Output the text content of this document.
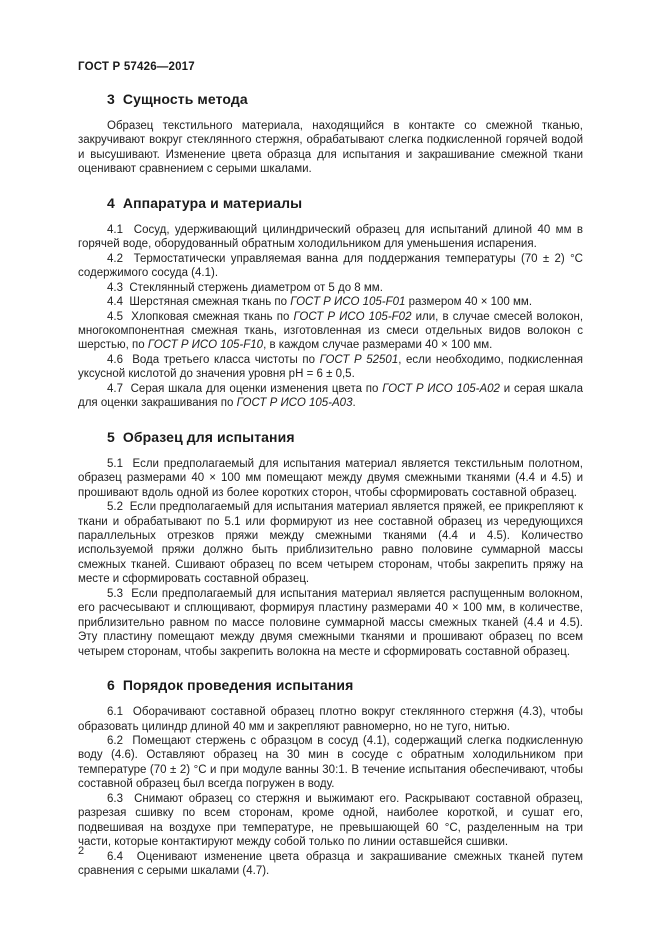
ГОСТ Р 57426—2017
3  Сущность метода

Образец текстильного материала, находящийся в контакте со смежной тканью, закручивают вокруг стеклянного стержня, обрабатывают слегка подкисленной горячей водой и высушивают. Изменение цвета образца для испытания и закрашивание смежной ткани оценивают сравнением с серыми шкалами.

4  Аппаратура и материалы

4.1  Сосуд, удерживающий цилиндрический образец для испытаний длиной 40 мм в горячей воде, оборудованный обратным холодильником для уменьшения испарения.

4.2  Термостатически управляемая ванна для поддержания температуры (70 ± 2) °С содержимого сосуда (4.1).

4.3  Стеклянный стержень диаметром от 5 до 8 мм.

4.4  Шерстяная смежная ткань по ГОСТ Р ИСО 105-F01 размером 40 × 100 мм.

4.5  Хлопковая смежная ткань по ГОСТ Р ИСО 105-F02 или, в случае смесей волокон, многокомпонентная смежная ткань, изготовленная из смеси отдельных видов волокон с шерстью, по ГОСТ Р ИСО 105-F10, в каждом случае размерами 40 × 100 мм.

4.6  Вода третьего класса чистоты по ГОСТ Р 52501, если необходимо, подкисленная уксусной кислотой до значения уровня pH = 6 ± 0,5.

4.7  Серая шкала для оценки изменения цвета по ГОСТ Р ИСО 105-А02 и серая шкала для оценки закрашивания по ГОСТ Р ИСО 105-А03.

5  Образец для испытания

5.1  Если предполагаемый для испытания материал является текстильным полотном, образец размерами 40 × 100 мм помещают между двумя смежными тканями (4.4 и 4.5) и прошивают вдоль одной из более коротких сторон, чтобы сформировать составной образец.

5.2  Если предполагаемый для испытания материал является пряжей, ее прикрепляют к ткани и обрабатывают по 5.1 или формируют из нее составной образец из чередующихся параллельных отрезков пряжи между смежными тканями (4.4 и 4.5). Количество используемой пряжи должно быть приблизительно равно половине суммарной массы смежных тканей. Сшивают образец по всем четырем сторонам, чтобы закрепить пряжу на месте и сформировать составной образец.

5.3  Если предполагаемый для испытания материал является распущенным волокном, его расчесывают и сплющивают, формируя пластину размерами 40 × 100 мм, в количестве, приблизительно равном по массе половине суммарной массы смежных тканей (4.4 и 4.5). Эту пластину помещают между двумя смежными тканями и прошивают образец по всем четырем сторонам, чтобы закрепить волокна на месте и сформировать составной образец.

6  Порядок проведения испытания

6.1  Оборачивают составной образец плотно вокруг стеклянного стержня (4.3), чтобы образовать цилиндр длиной 40 мм и закрепляют равномерно, но не туго, нитью.

6.2  Помещают стержень с образцом в сосуд (4.1), содержащий слегка подкисленную воду (4.6). Оставляют образец на 30 мин в сосуде с обратным холодильником при температуре (70 ± 2) °С и при модуле ванны 30:1. В течение испытания обеспечивают, чтобы составной образец был всегда погружен в воду.

6.3  Снимают образец со стержня и выжимают его. Раскрывают составной образец, разрезая сшивку по всем сторонам, кроме одной, наиболее короткой, и сушат его, подвешивая на воздухе при температуре, не превышающей 60 °С, разделенным на три части, которые контактируют между собой только по линии оставшейся сшивки.

6.4  Оценивают изменение цвета образца и закрашивание смежных тканей путем сравнения с серыми шкалами (4.7).

2
